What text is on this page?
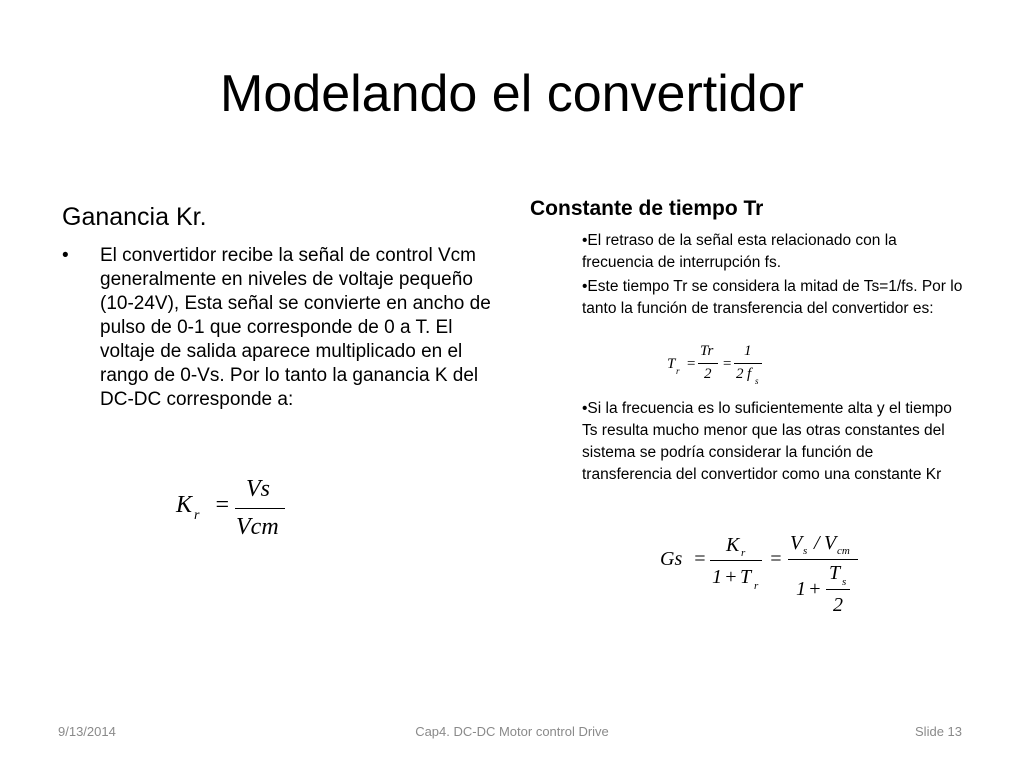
Modelando el convertidor
Ganancia Kr.
• El convertidor recibe la señal de control Vcm generalmente en niveles de voltaje pequeño (10-24V), Esta señal se convierte en ancho de pulso de 0-1 que corresponde de 0 a T. El voltaje de salida aparece multiplicado en el rango de 0-Vs. Por lo tanto la ganancia K del DC-DC corresponde a:
K r =
Vs
Vcm
Constante de tiempo Tr
•El retraso de la señal esta relacionado con la frecuencia de interrupción fs.
•Este tiempo Tr se considera la mitad de Ts=1/fs. Por lo tanto la función de transferencia del convertidor es:
•Si la frecuencia es lo suficientemente alta y el tiempo Ts resulta mucho menor que las otras constantes del sistema se podría considerar la función de transferencia del convertidor como una constante Kr
T r =
Tr
2
=
1
2 f s
Gs =
K r
1 + T r
=
V s / V cm
1 +
T s
2
9/13/2014	Cap4. DC-DC Motor control Drive	Slide 13
